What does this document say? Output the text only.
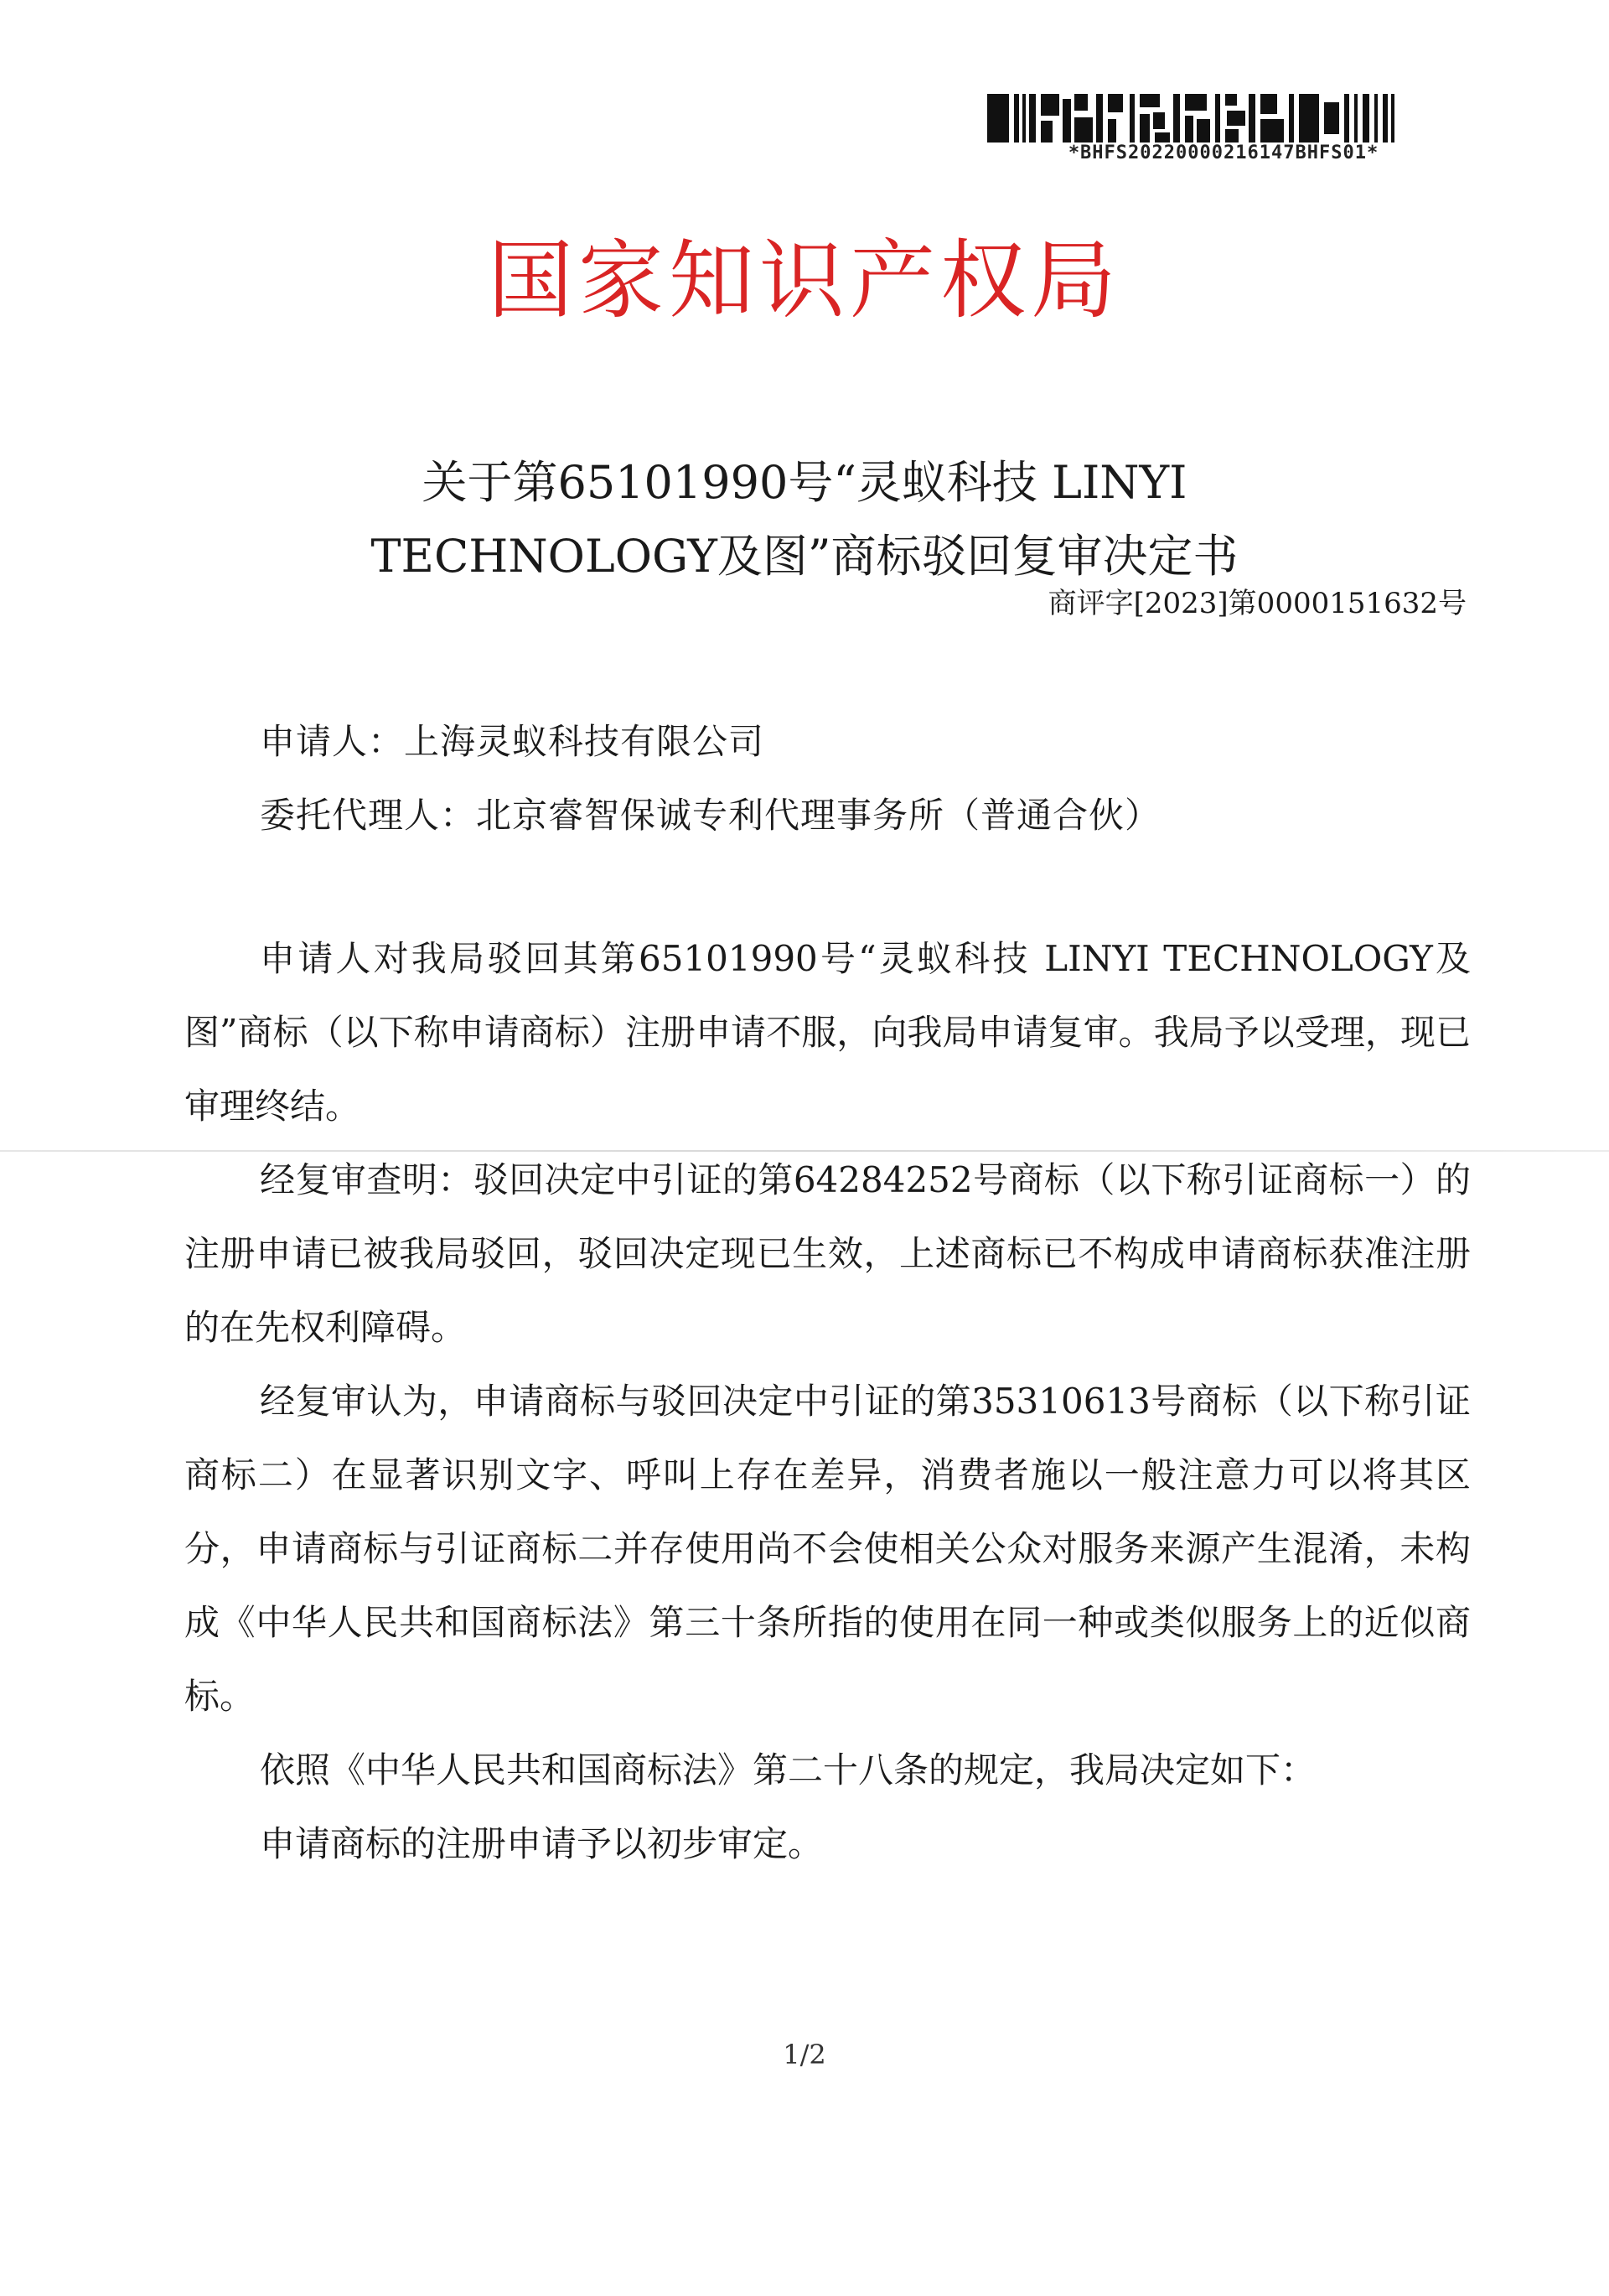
*BHFS20220000216147BHFS01*
国家知识产权局
关于第65101990号“灵蚁科技 LINYI
TECHNOLOGY及图”商标驳回复审决定书
商评字[2023]第0000151632号
申请人：上海灵蚁科技有限公司
委托代理人：北京睿智保诚专利代理事务所（普通合伙）

申请人对我局驳回其第65101990号“灵蚁科技 LINYI TECHNOLOGY及图”商标（以下称申请商标）注册申请不服，向我局申请复审。我局予以受理，现已审理终结。

经复审查明：驳回决定中引证的第64284252号商标（以下称引证商标一）的注册申请已被我局驳回，驳回决定现已生效，上述商标已不构成申请商标获准注册的在先权利障碍。

经复审认为，申请商标与驳回决定中引证的第35310613号商标（以下称引证商标二）在显著识别文字、呼叫上存在差异，消费者施以一般注意力可以将其区分，申请商标与引证商标二并存使用尚不会使相关公众对服务来源产生混淆，未构成《中华人民共和国商标法》第三十条所指的使用在同一种或类似服务上的近似商标。

依照《中华人民共和国商标法》第二十八条的规定，我局决定如下：

申请商标的注册申请予以初步审定。

1/2
